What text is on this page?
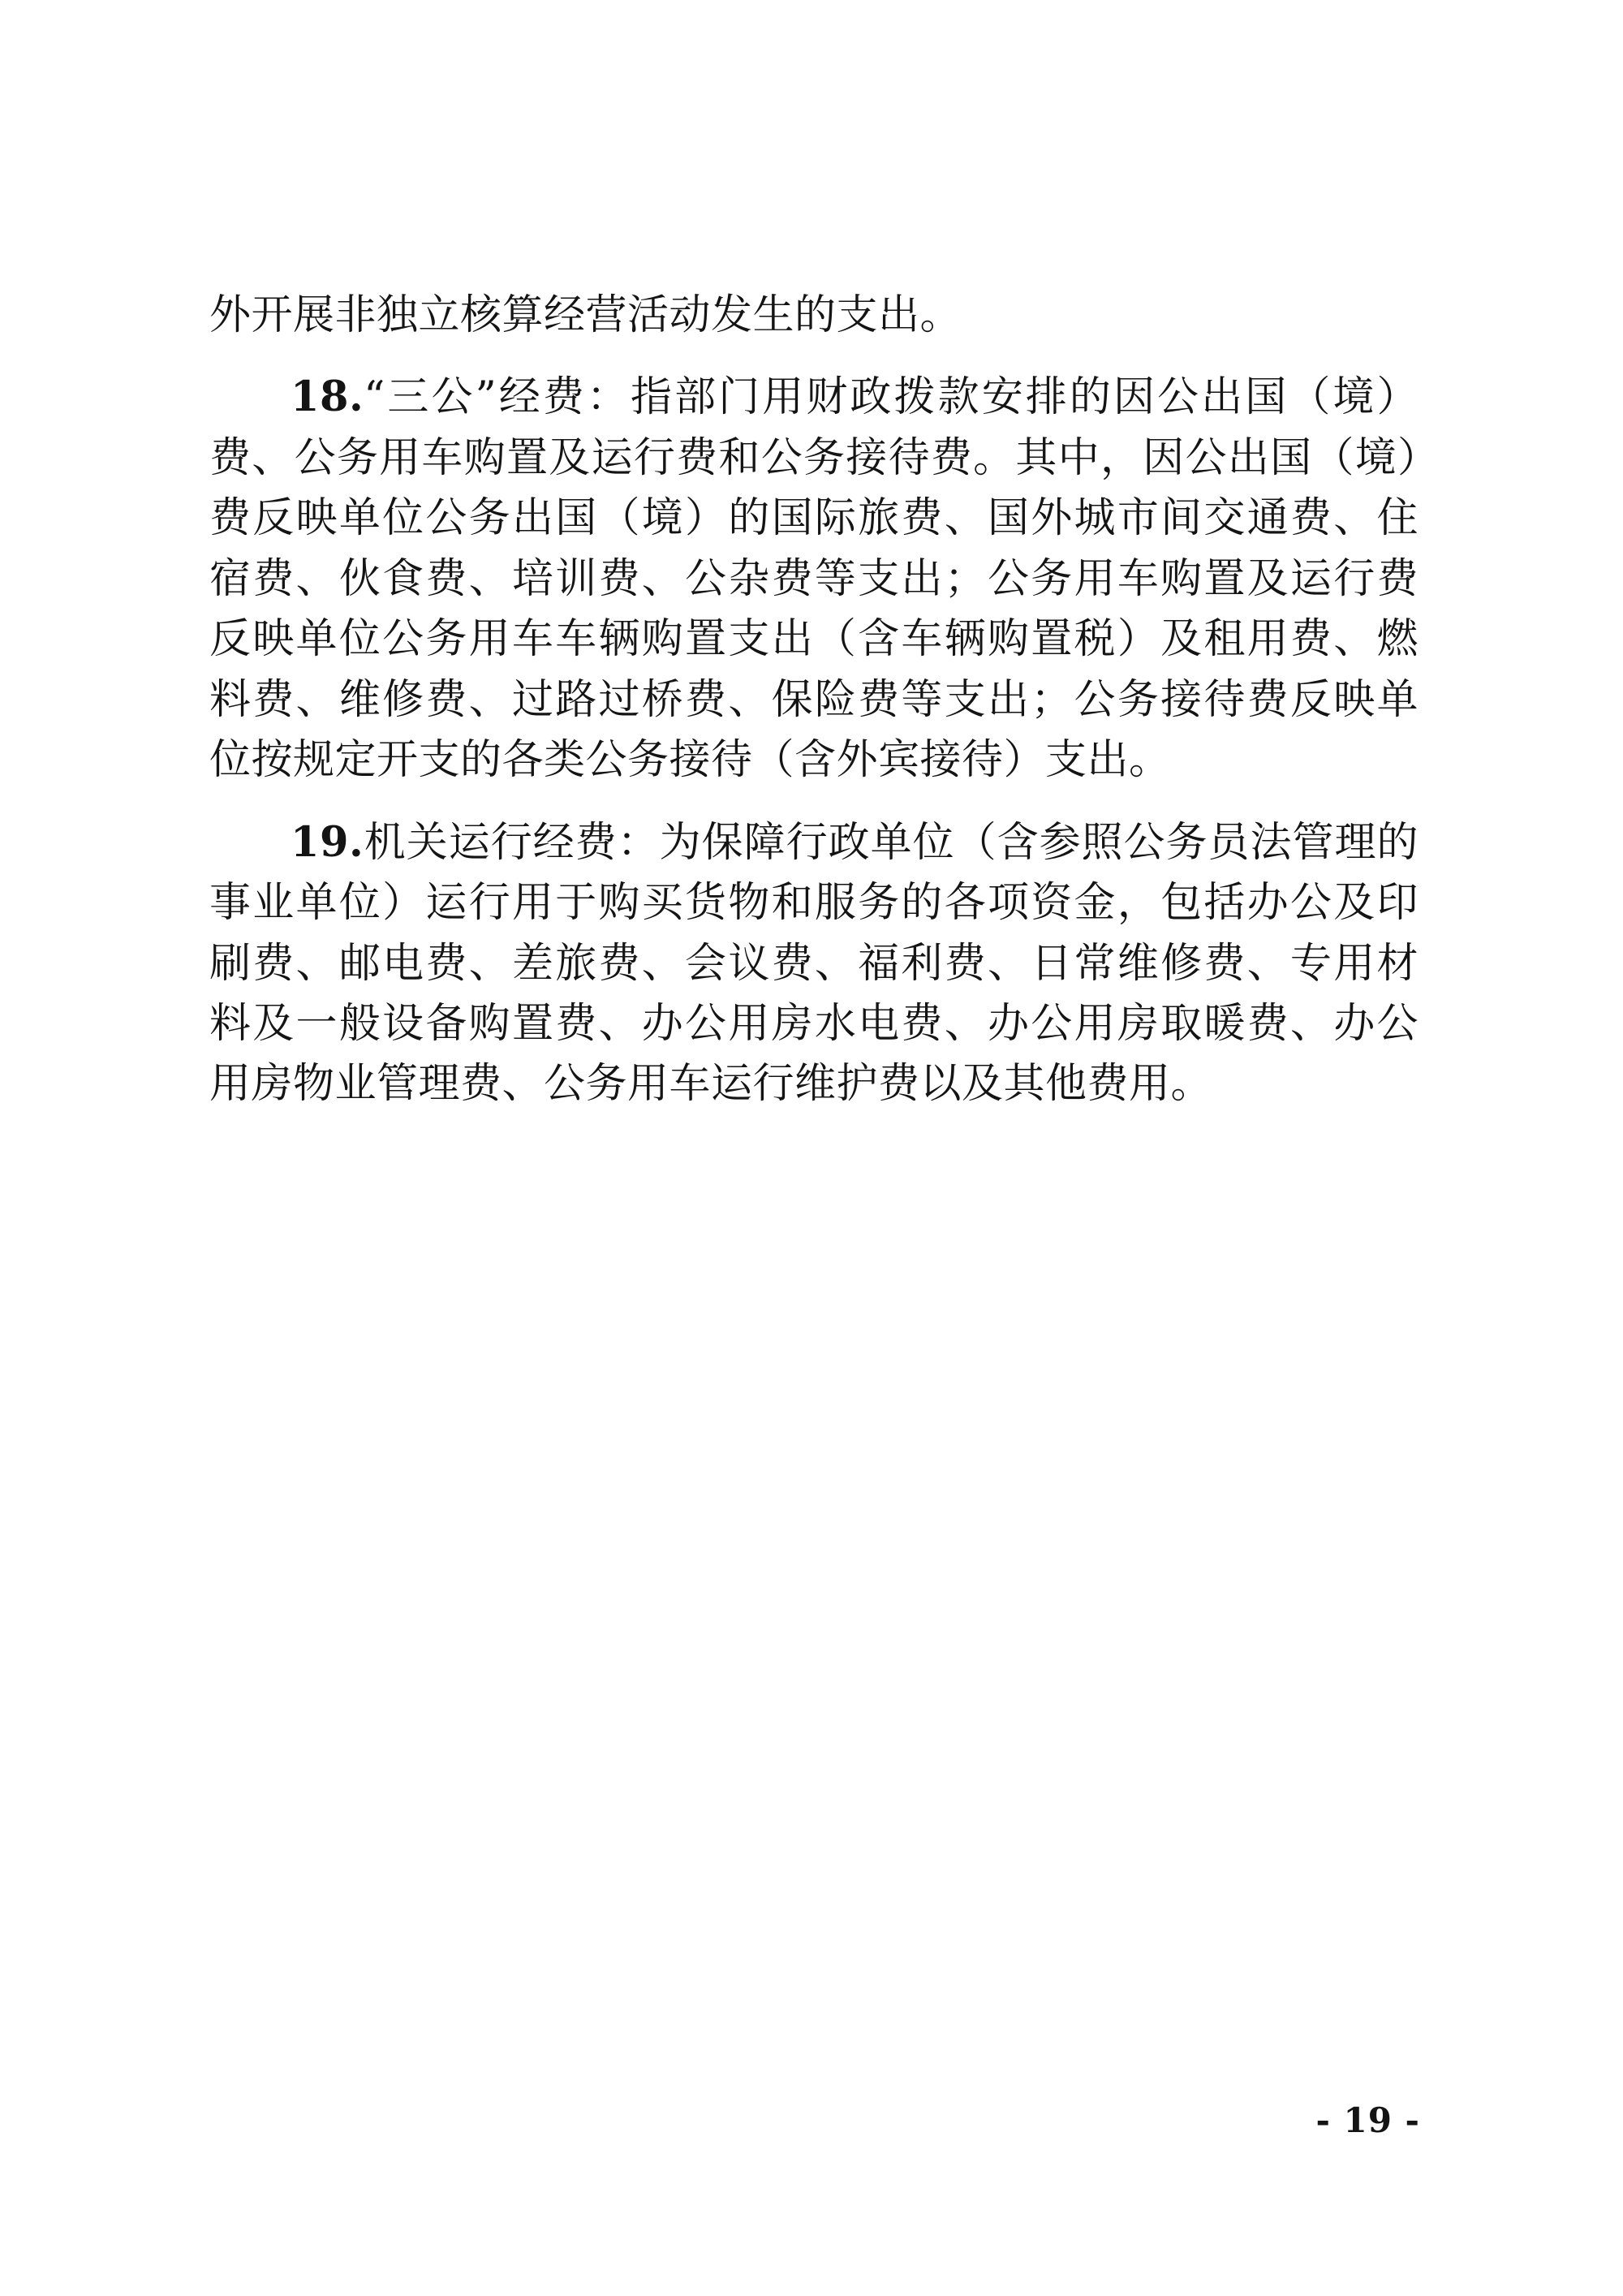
外开展非独立核算经营活动发生的支出。

18.“三公”经费：指部门用财政拨款安排的因公出国（境）费、公务用车购置及运行费和公务接待费。其中，因公出国（境）费反映单位公务出国（境）的国际旅费、国外城市间交通费、住宿费、伙食费、培训费、公杂费等支出；公务用车购置及运行费反映单位公务用车车辆购置支出（含车辆购置税）及租用费、燃料费、维修费、过路过桥费、保险费等支出；公务接待费反映单位按规定开支的各类公务接待（含外宾接待）支出。

19.机关运行经费：为保障行政单位（含参照公务员法管理的事业单位）运行用于购买货物和服务的各项资金，包括办公及印刷费、邮电费、差旅费、会议费、福利费、日常维修费、专用材料及一般设备购置费、办公用房水电费、办公用房取暖费、办公用房物业管理费、公务用车运行维护费以及其他费用。

- 19 -
